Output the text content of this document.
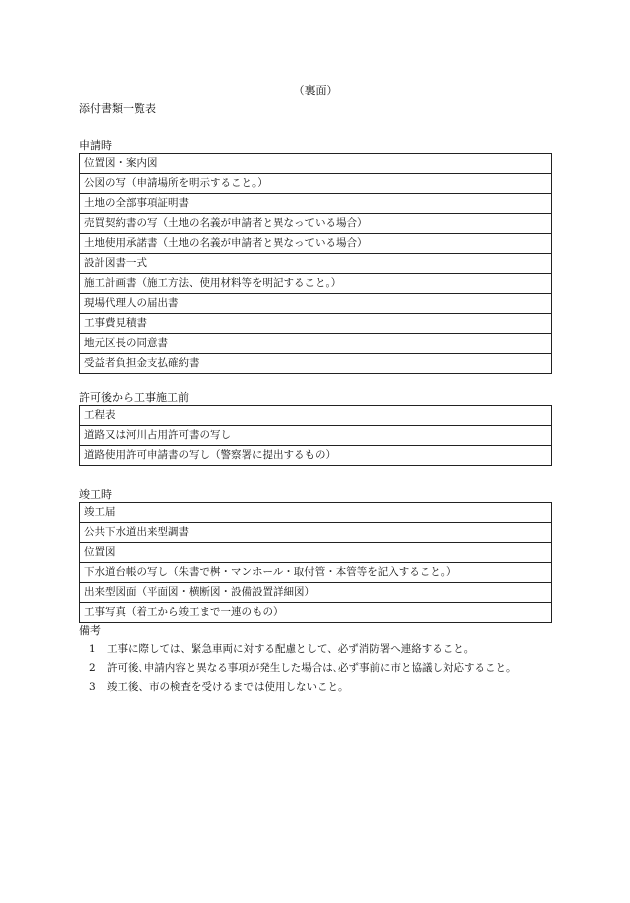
（裏面）
添付書類一覧表
申請時
位置図・案内図
公図の写（申請場所を明示すること。）
土地の全部事項証明書
売買契約書の写（土地の名義が申請者と異なっている場合）
土地使用承諾書（土地の名義が申請者と異なっている場合）
設計図書一式
施工計画書（施工方法、使用材料等を明記すること。）
現場代理人の届出書
工事費見積書
地元区長の同意書
受益者負担金支払確約書
許可後から工事施工前
工程表
道路又は河川占用許可書の写し
道路使用許可申請書の写し（警察署に提出するもの）
竣工時
竣工届
公共下水道出来型調書
位置図
下水道台帳の写し（朱書で桝・マンホール・取付管・本管等を記入すること。）
出来型図面（平面図・横断図・設備設置詳細図）
工事写真（着工から竣工まで一連のもの）
備考
1 工事に際しては、緊急車両に対する配慮として、必ず消防署へ連絡すること。
2 許可後､申請内容と異なる事項が発生した場合は､必ず事前に市と協議し対応すること。
3 竣工後、市の検査を受けるまでは使用しないこと。
